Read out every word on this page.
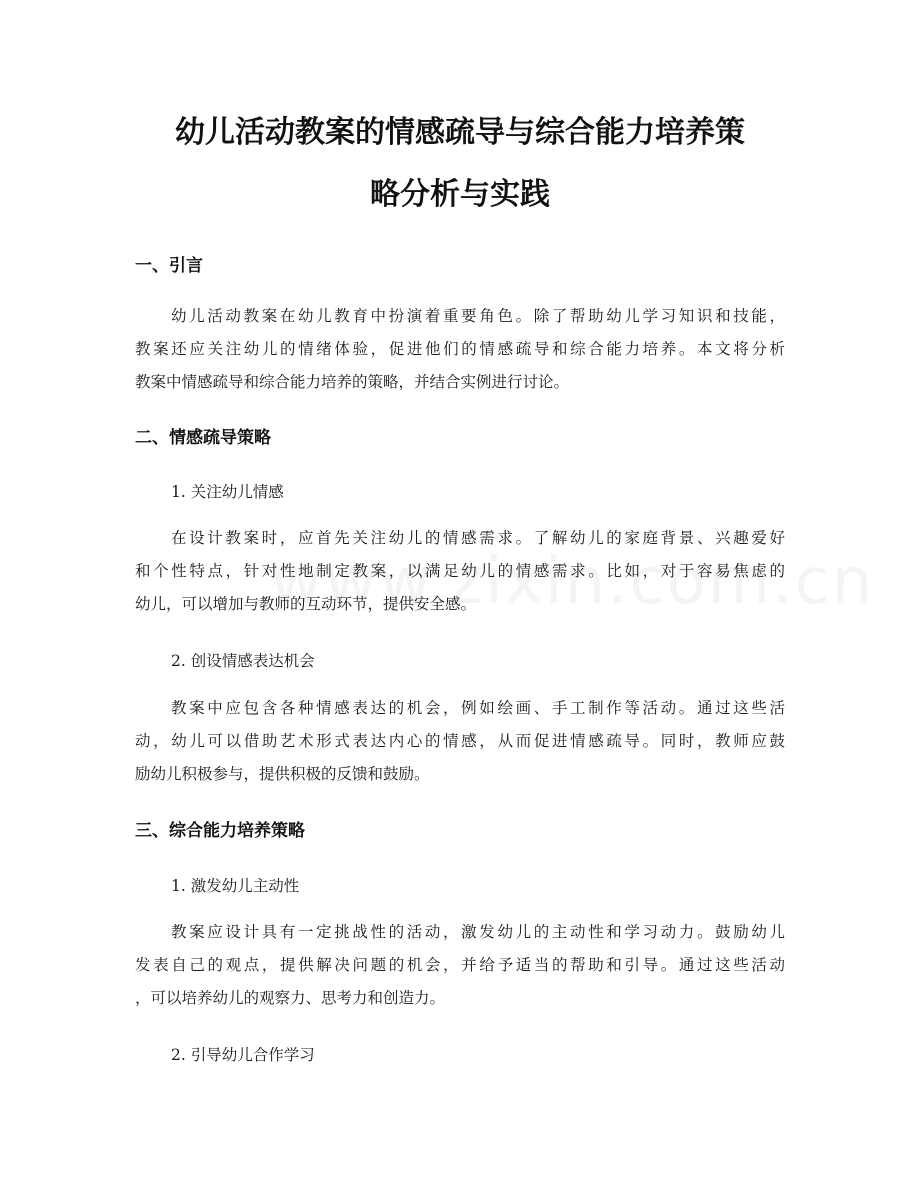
幼儿活动教案的情感疏导与综合能力培养策
略分析与实践
一、引言

幼儿活动教案在幼儿教育中扮演着重要角色。除了帮助幼儿学习知识和技能，
教案还应关注幼儿的情绪体验，促进他们的情感疏导和综合能力培养。本文将分析
教案中情感疏导和综合能力培养的策略，并结合实例进行讨论。

二、情感疏导策略

1. 关注幼儿情感

在设计教案时，应首先关注幼儿的情感需求。了解幼儿的家庭背景、兴趣爱好
和个性特点，针对性地制定教案，以满足幼儿的情感需求。比如，对于容易焦虑的
幼儿，可以增加与教师的互动环节，提供安全感。

2. 创设情感表达机会

教案中应包含各种情感表达的机会，例如绘画、手工制作等活动。通过这些活
动，幼儿可以借助艺术形式表达内心的情感，从而促进情感疏导。同时，教师应鼓
励幼儿积极参与，提供积极的反馈和鼓励。

三、综合能力培养策略

1. 激发幼儿主动性

教案应设计具有一定挑战性的活动，激发幼儿的主动性和学习动力。鼓励幼儿
发表自己的观点，提供解决问题的机会，并给予适当的帮助和引导。通过这些活动
，可以培养幼儿的观察力、思考力和创造力。

2. 引导幼儿合作学习
